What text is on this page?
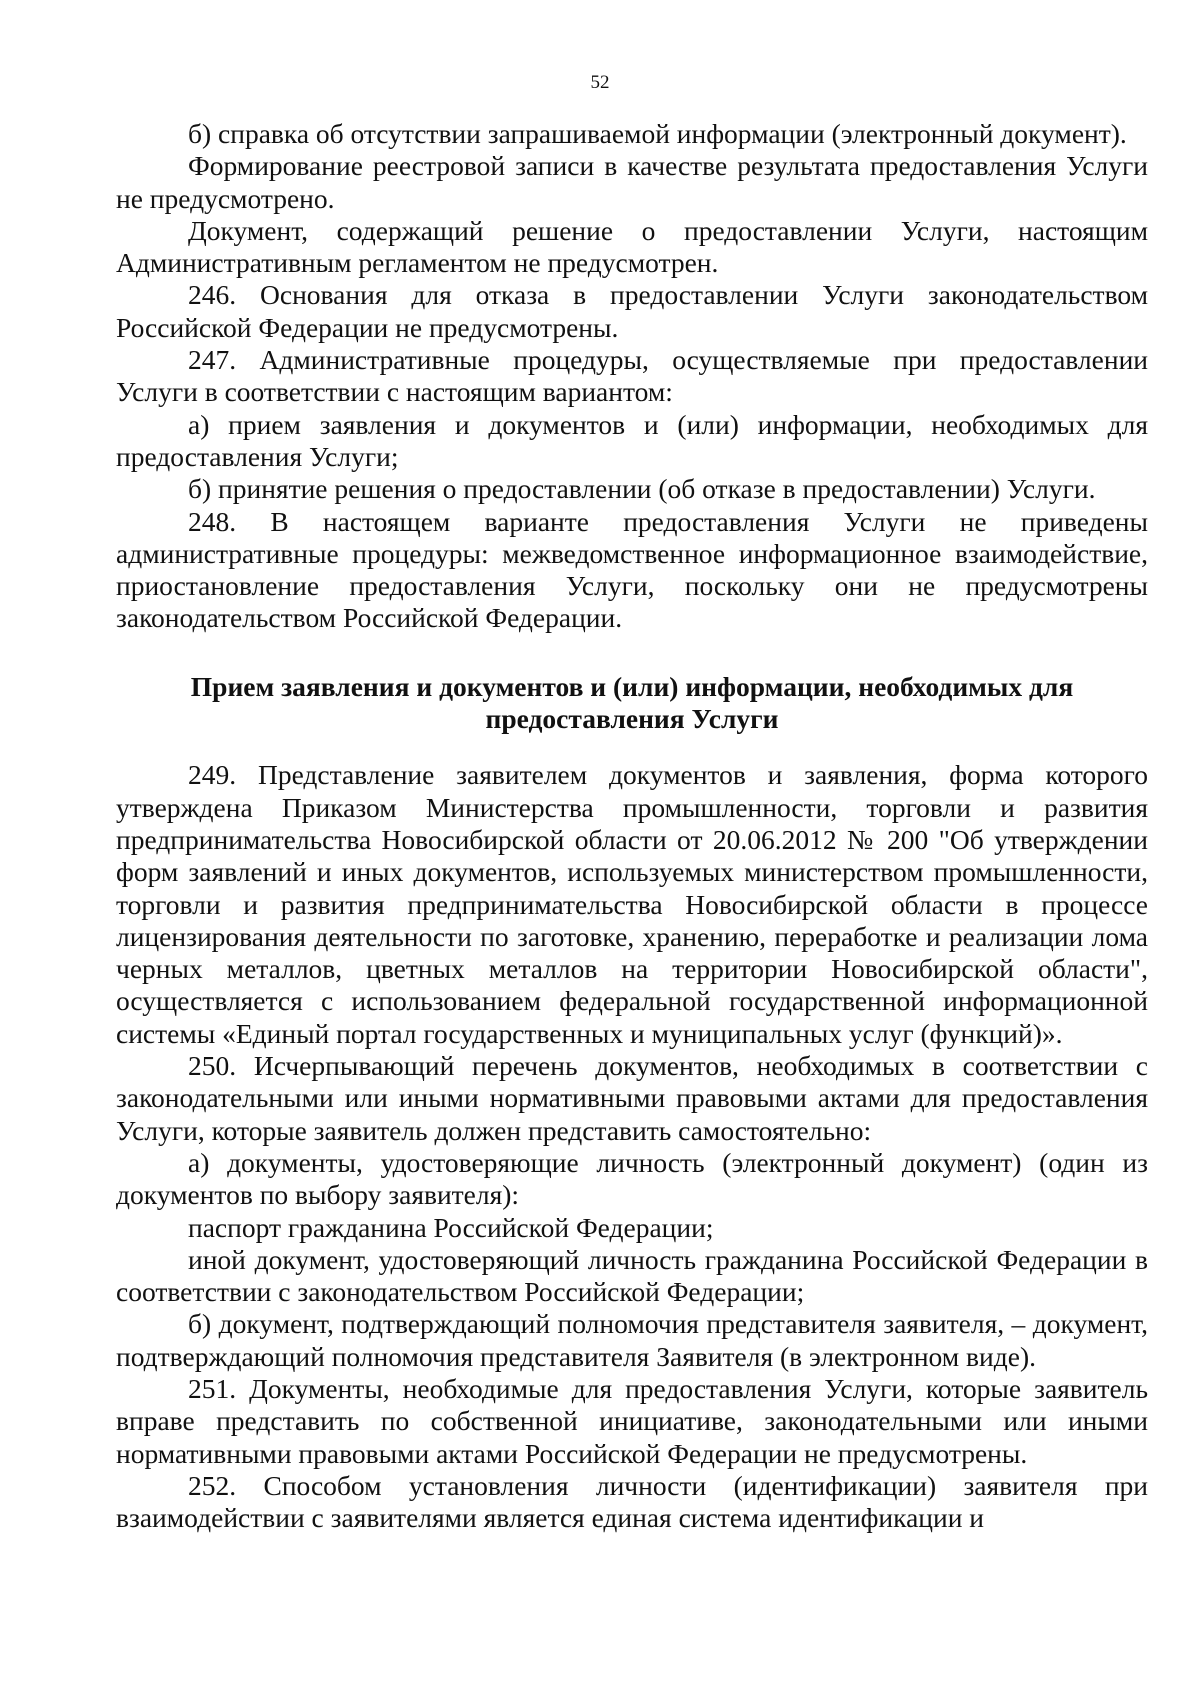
52

б) справка об отсутствии запрашиваемой информации (электронный документ).

Формирование реестровой записи в качестве результата предоставления Услуги не предусмотрено.

Документ, содержащий решение о предоставлении Услуги, настоящим Административным регламентом не предусмотрен.

246. Основания для отказа в предоставлении Услуги законодательством Российской Федерации не предусмотрены.

247. Административные процедуры, осуществляемые при предоставлении Услуги в соответствии с настоящим вариантом:

а) прием заявления и документов и (или) информации, необходимых для предоставления Услуги;

б) принятие решения о предоставлении (об отказе в предоставлении) Услуги.

248. В настоящем варианте предоставления Услуги не приведены административные процедуры: межведомственное информационное взаимодействие, приостановление предоставления Услуги, поскольку они не предусмотрены законодательством Российской Федерации.

Прием заявления и документов и (или) информации, необходимых для
предоставления Услуги

249. Представление заявителем документов и заявления, форма которого утверждена Приказом Министерства промышленности, торговли и развития предпринимательства Новосибирской области от 20.06.2012 № 200 "Об утверждении форм заявлений и иных документов, используемых министерством промышленности, торговли и развития предпринимательства Новосибирской области в процессе лицензирования деятельности по заготовке, хранению, переработке и реализации лома черных металлов, цветных металлов на территории Новосибирской области", осуществляется с использованием федеральной государственной информационной системы «Единый портал государственных и муниципальных услуг (функций)».

250. Исчерпывающий перечень документов, необходимых в соответствии с законодательными или иными нормативными правовыми актами для предоставления Услуги, которые заявитель должен представить самостоятельно:

а) документы, удостоверяющие личность (электронный документ) (один из документов по выбору заявителя):

паспорт гражданина Российской Федерации;

иной документ, удостоверяющий личность гражданина Российской Федерации в соответствии с законодательством Российской Федерации;

б) документ, подтверждающий полномочия представителя заявителя, – документ, подтверждающий полномочия представителя Заявителя (в электронном виде).

251. Документы, необходимые для предоставления Услуги, которые заявитель вправе представить по собственной инициативе, законодательными или иными нормативными правовыми актами Российской Федерации не предусмотрены.

252. Способом установления личности (идентификации) заявителя при взаимодействии с заявителями является единая система идентификации и
